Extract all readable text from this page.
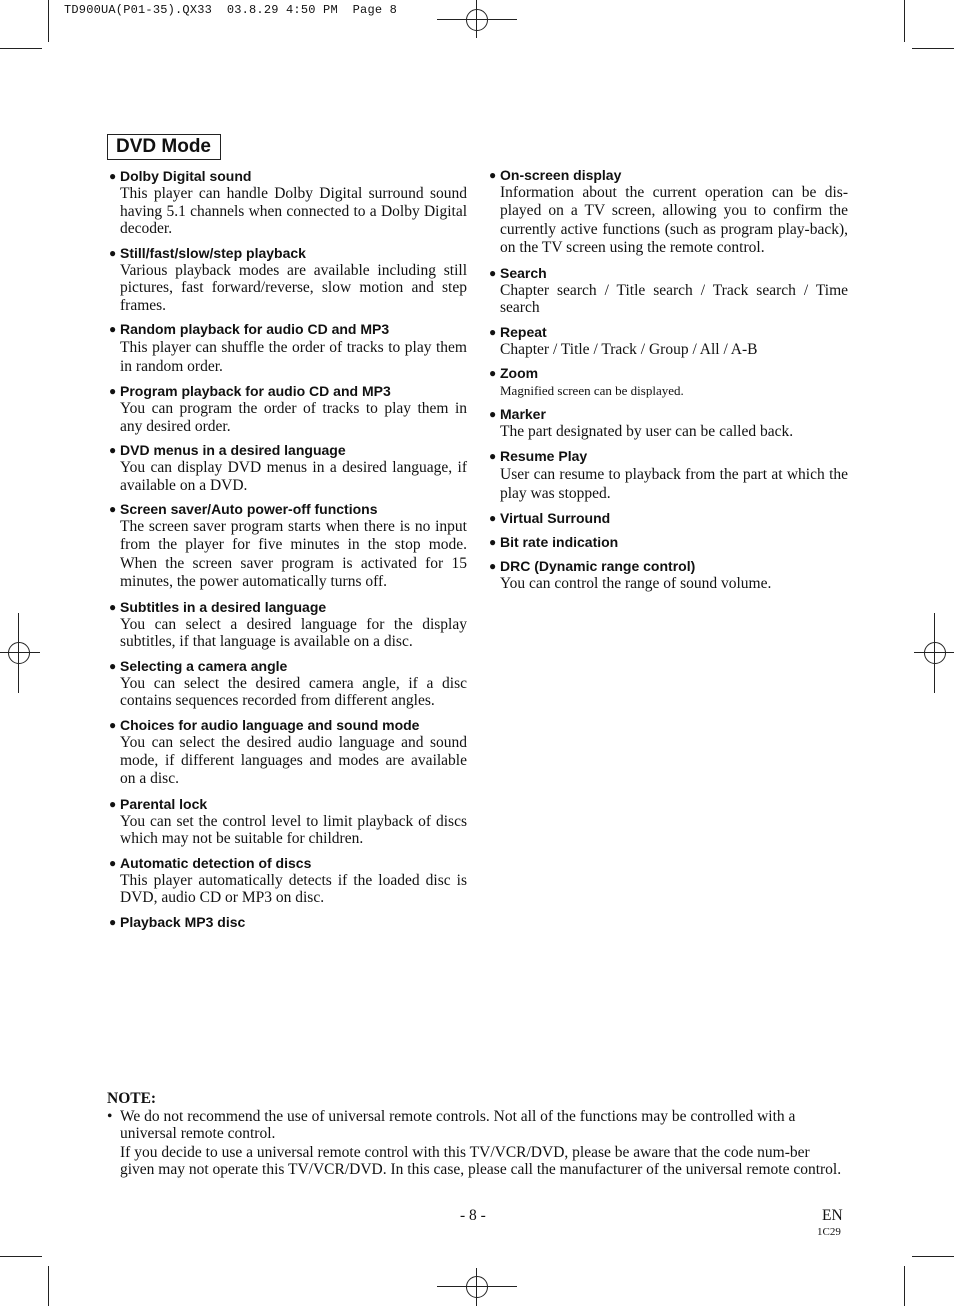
TD900UA(P01-35).QX33  03.8.29 4:50 PM  Page 8
DVD Mode
● Dolby Digital sound
This player can handle Dolby Digital surround sound having 5.1 channels when connected to a Dolby Digital decoder.
● Still/fast/slow/step playback
Various playback modes are available including still pictures, fast forward/reverse, slow motion and step frames.
● Random playback for audio CD and MP3
This player can shuffle the order of tracks to play them in random order.
● Program playback for audio CD and MP3
You can program the order of tracks to play them in any desired order.
● DVD menus in a desired language
You can display DVD menus in a desired language, if available on a DVD.
● Screen saver/Auto power-off functions
The screen saver program starts when there is no input from the player for five minutes in the stop mode. When the screen saver program is activated for 15 minutes, the power automatically turns off.
● Subtitles in a desired language
You can select a desired language for the display subtitles, if that language is available on a disc.
● Selecting a camera angle
You can select the desired camera angle, if a disc contains sequences recorded from different angles.
● Choices for audio language and sound mode
You can select the desired audio language and sound mode, if different languages and modes are available on a disc.
● Parental lock
You can set the control level to limit playback of discs which may not be suitable for children.
● Automatic detection of discs
This player automatically detects if the loaded disc is DVD, audio CD or MP3 on disc.
● Playback MP3 disc
● On-screen display
Information about the current operation can be dis-played on a TV screen, allowing you to confirm the currently active functions (such as program play-back), on the TV screen using the remote control.
● Search
Chapter search / Title search / Track search / Time search
● Repeat
Chapter / Title / Track / Group / All / A-B
● Zoom
Magnified screen can be displayed.
● Marker
The part designated by user can be called back.
● Resume Play
User can resume to playback from the part at which the play was stopped.
● Virtual Surround
● Bit rate indication
● DRC (Dynamic range control)
You can control the range of sound volume.
NOTE:
• We do not recommend the use of universal remote controls. Not all of the functions may be controlled with a universal remote control.
If you decide to use a universal remote control with this TV/VCR/DVD, please be aware that the code num-ber given may not operate this TV/VCR/DVD. In this case, please call the manufacturer of the universal remote control.
- 8 -	EN
1C29
